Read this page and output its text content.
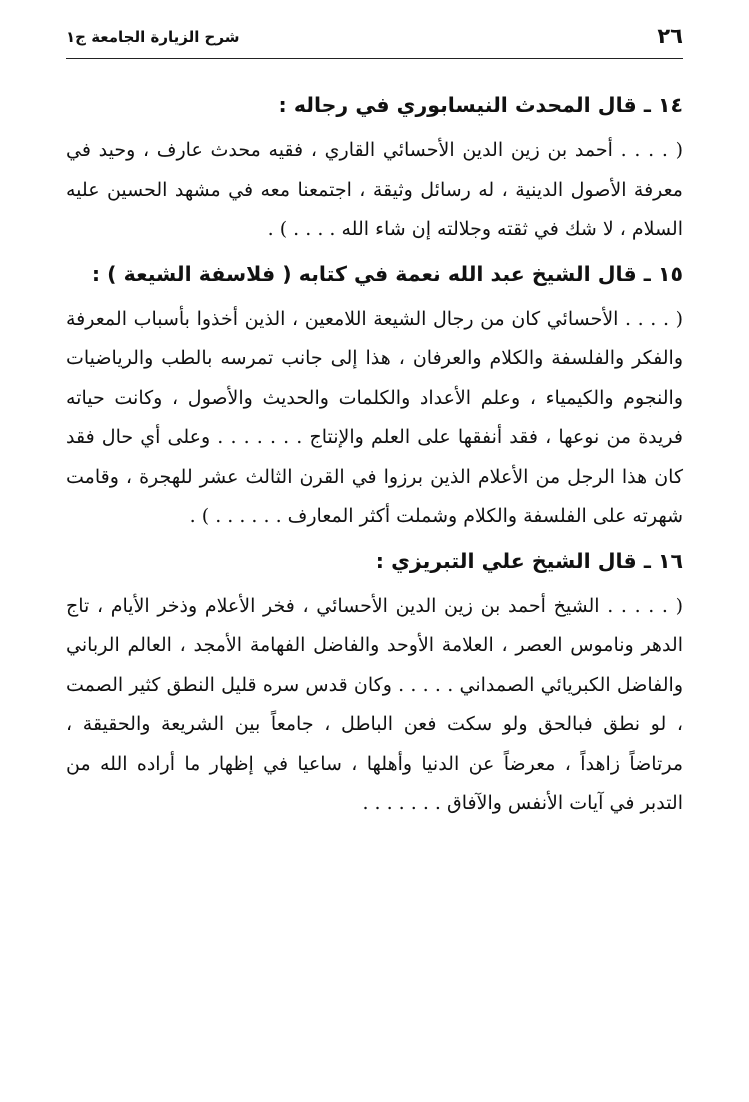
٢٦
شرح الزيارة الجامعة ج١

١٤ ـ قال المحدث النيسابوري في رجاله :

( . . . . أحمد بن زين الدين الأحسائي القاري ، فقيه محدث عارف ، وحيد في معرفة الأصول الدينية ، له رسائل وثيقة ، اجتمعنا معه في مشهد الحسين عليه السلام ، لا شك في ثقته وجلالته إن شاء الله . . . . ) .

١٥ ـ قال الشيخ عبد الله نعمة في كتابه ( فلاسفة الشيعة ) :

( . . . . الأحسائي كان من رجال الشيعة اللامعين ، الذين أخذوا بأسباب المعرفة والفكر والفلسفة والكلام والعرفان ، هذا إلى جانب تمرسه بالطب والرياضيات والنجوم والكيمياء ، وعلم الأعداد والكلمات والحديث والأصول ، وكانت حياته فريدة من نوعها ، فقد أنفقها على العلم والإنتاج . . . . . . . وعلى أي حال فقد كان هذا الرجل من الأعلام الذين برزوا في القرن الثالث عشر للهجرة ، وقامت شهرته على الفلسفة والكلام وشملت أكثر المعارف . . . . . . ) .

١٦ ـ قال الشيخ علي التبريزي :

( . . . . . الشيخ أحمد بن زين الدين الأحسائي ، فخر الأعلام وذخر الأيام ، تاج الدهر وناموس العصر ، العلامة الأوحد والفاضل الفهامة الأمجد ، العالم الرباني والفاضل الكبريائي الصمداني . . . . . وكان قدس سره قليل النطق كثير الصمت ، لو نطق فبالحق ولو سكت فعن الباطل ، جامعاً بين الشريعة والحقيقة ، مرتاضاً زاهداً ، معرضاً عن الدنيا وأهلها ، ساعيا في إظهار ما أراده الله من التدبر في آيات الأنفس والآفاق . . . . . . .
